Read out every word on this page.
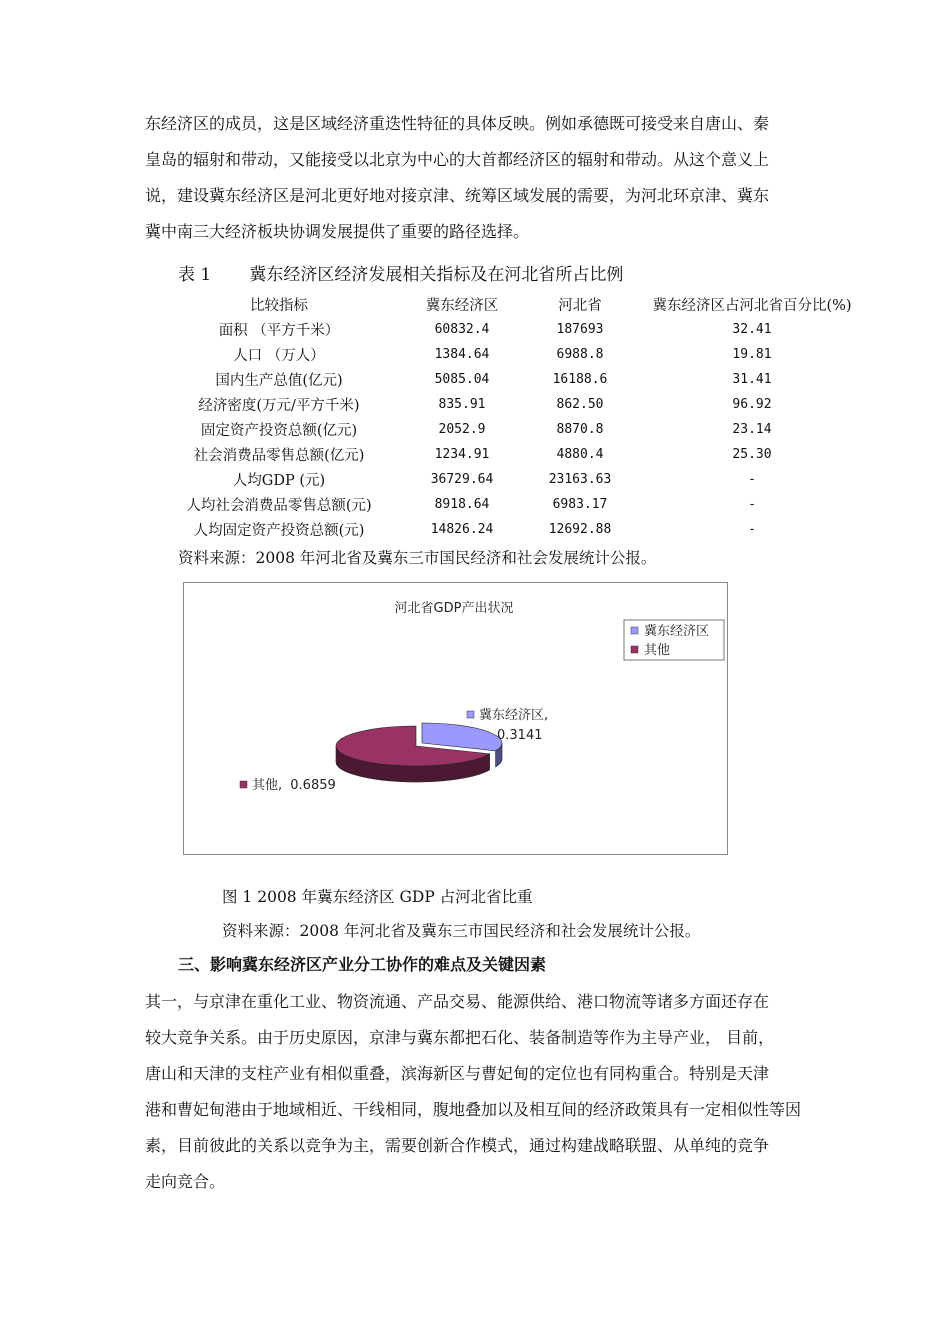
东经济区的成员，这是区域经济重迭性特征的具体反映。例如承德既可接受来自唐山、秦
皇岛的辐射和带动，又能接受以北京为中心的大首都经济区的辐射和带动。从这个意义上
说，建设冀东经济区是河北更好地对接京津、统筹区域发展的需要，为河北环京津、冀东
冀中南三大经济板块协调发展提供了重要的路径选择。

表 1 冀东经济区经济发展相关指标及在河北省所占比例
比较指标	冀东经济区	河北省	冀东经济区占河北省百分比(%)
面积 （平方千米）	60832.4	187693	32.41
人口 （万人）	1384.64	6988.8	19.81
国内生产总值(亿元)	5085.04	16188.6	31.41
经济密度(万元/平方千米)	835.91	862.50	96.92
固定资产投资总额(亿元)	2052.9	8870.8	23.14
社会消费品零售总额(亿元)	1234.91	4880.4	25.30
人均GDP (元)	36729.64	23163.63	-
人均社会消费品零售总额(元)	8918.64	6983.17	-
人均固定资产投资总额(元)	14826.24	12692.88	-
资料来源：2008 年河北省及冀东三市国民经济和社会发展统计公报。
河北省GDP产出状况
冀东经济区
其他
冀东经济区,
0.3141
其他, 0.6859
图 1 2008 年冀东经济区 GDP 占河北省比重
资料来源：2008 年河北省及冀东三市国民经济和社会发展统计公报。
三、影响冀东经济区产业分工协作的难点及关键因素

其一，与京津在重化工业、物资流通、产品交易、能源供给、港口物流等诸多方面还存在
较大竞争关系。由于历史原因，京津与冀东都把石化、装备制造等作为主导产业， 目前，
唐山和天津的支柱产业有相似重叠，滨海新区与曹妃甸的定位也有同构重合。特别是天津
港和曹妃甸港由于地域相近、干线相同，腹地叠加以及相互间的经济政策具有一定相似性等因
素，目前彼此的关系以竞争为主，需要创新合作模式，通过构建战略联盟、从单纯的竞争
走向竞合。
